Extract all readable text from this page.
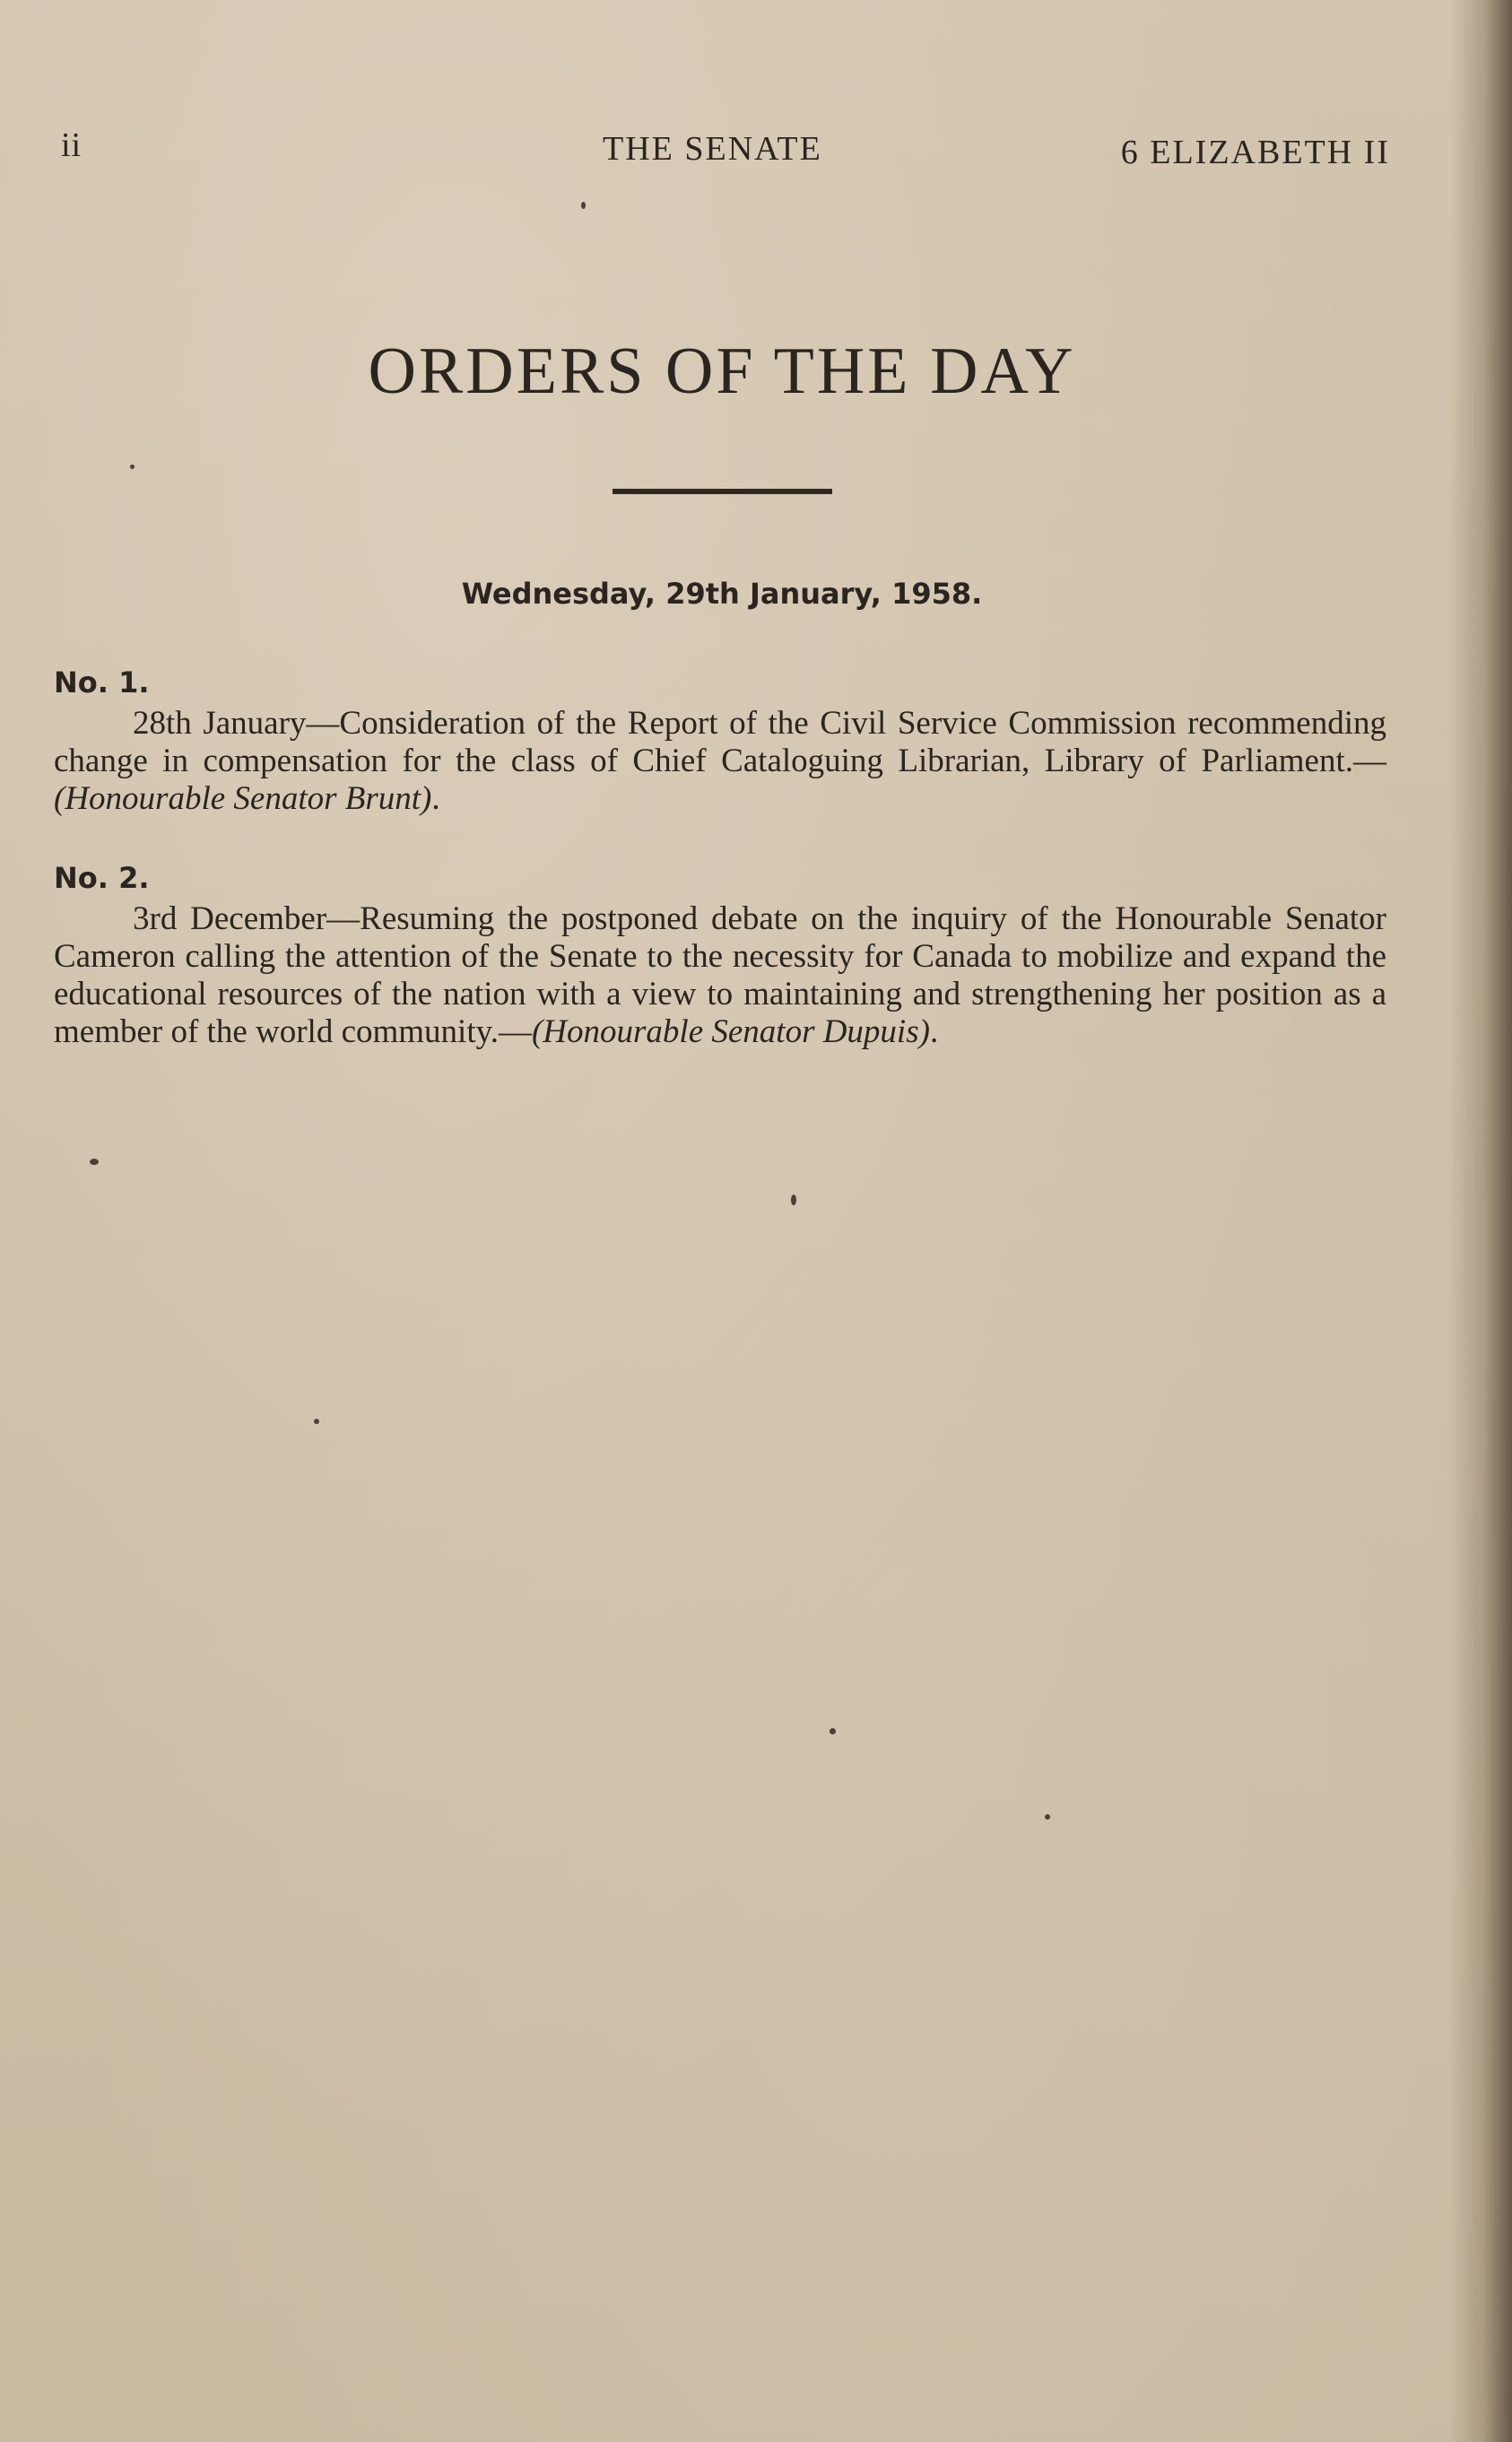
ii	THE SENATE	6 ELIZABETH II
ORDERS OF THE DAY
Wednesday, 29th January, 1958.
No. 1.

28th January—Consideration of the Report of the Civil Service Commission recommending change in compensation for the class of Chief Cataloguing Librarian, Library of Parliament.—(Honourable Senator Brunt).

No. 2.

3rd December—Resuming the postponed debate on the inquiry of the Honourable Senator Cameron calling the attention of the Senate to the necessity for Canada to mobilize and expand the educational resources of the nation with a view to maintaining and strengthening her position as a member of the world community.—(Honourable Senator Dupuis).
